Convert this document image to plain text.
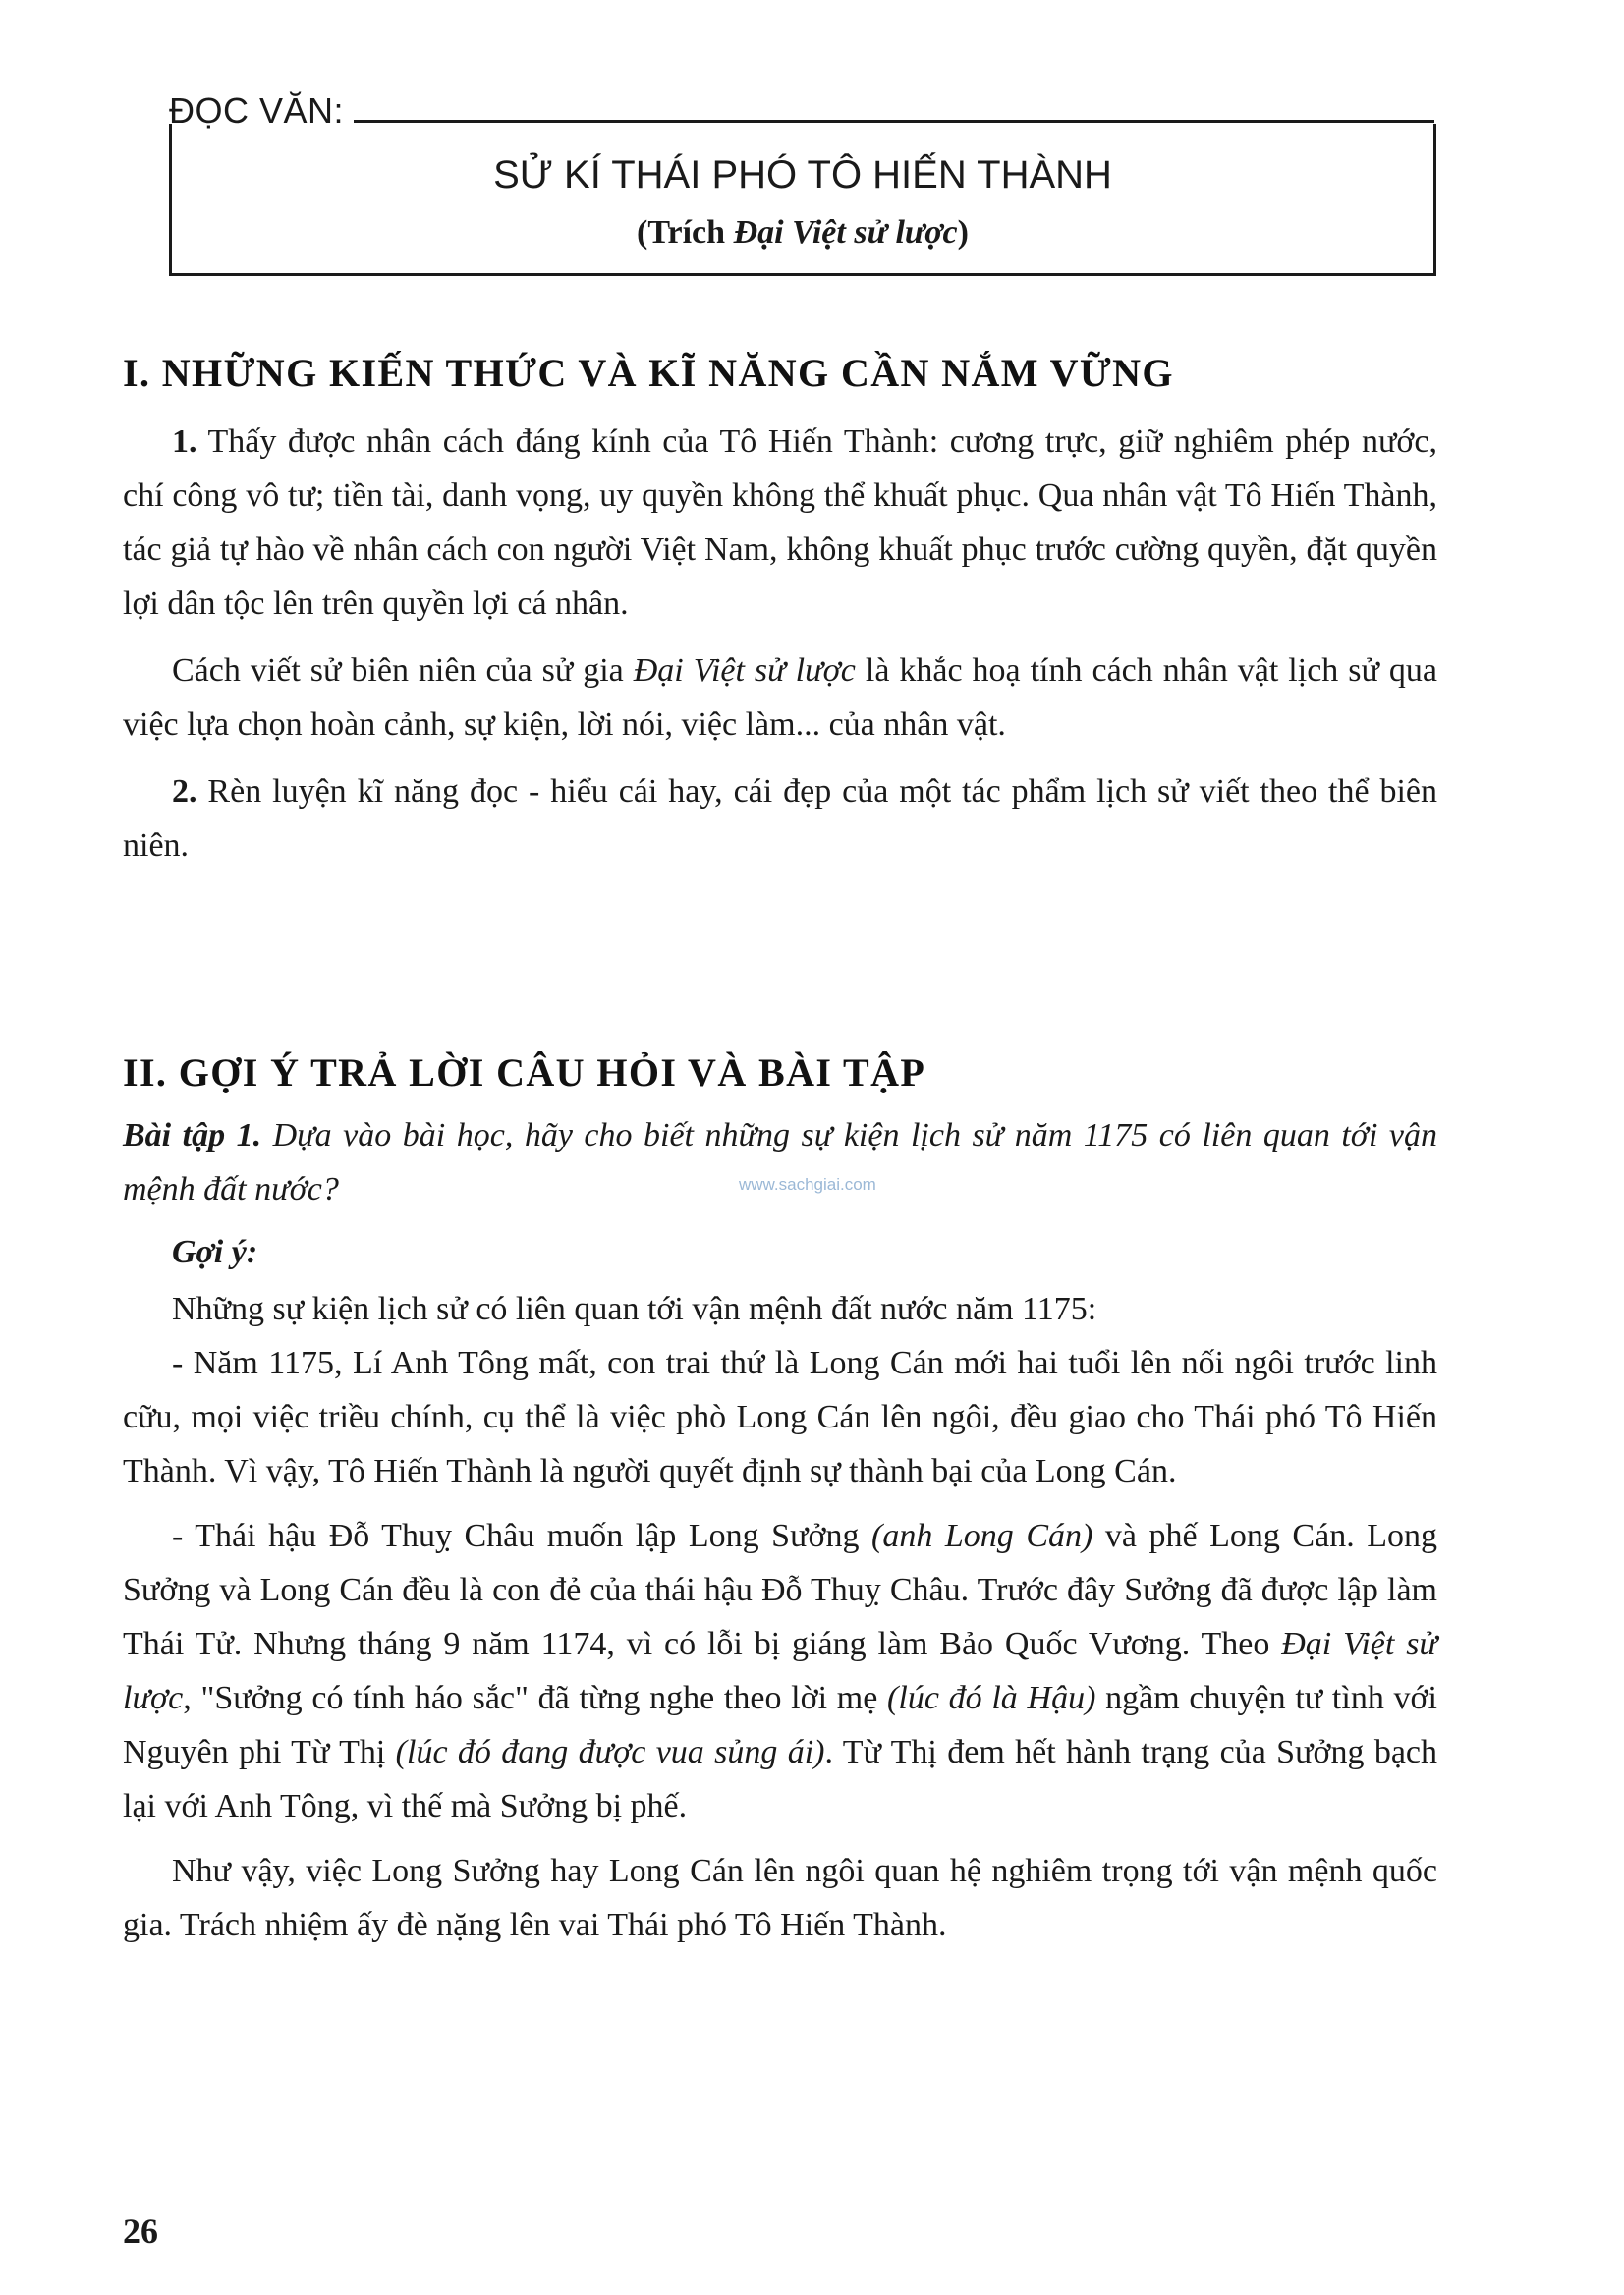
ĐỌC VĂN:
SỬ KÍ THÁI PHÓ TÔ HIẾN THÀNH
(Trích Đại Việt sử lược)
I. NHỮNG KIẾN THỨC VÀ KĨ NĂNG CẦN NẮM VỮNG

1. Thấy được nhân cách đáng kính của Tô Hiến Thành: cương trực, giữ nghiêm phép nước, chí công vô tư; tiền tài, danh vọng, uy quyền không thể khuất phục. Qua nhân vật Tô Hiến Thành, tác giả tự hào về nhân cách con người Việt Nam, không khuất phục trước cường quyền, đặt quyền lợi dân tộc lên trên quyền lợi cá nhân.

Cách viết sử biên niên của sử gia Đại Việt sử lược là khắc hoạ tính cách nhân vật lịch sử qua việc lựa chọn hoàn cảnh, sự kiện, lời nói, việc làm... của nhân vật.

2. Rèn luyện kĩ năng đọc - hiểu cái hay, cái đẹp của một tác phẩm lịch sử viết theo thể biên niên.

II. GỢI Ý TRẢ LỜI CÂU HỎI VÀ BÀI TẬP

Bài tập 1. Dựa vào bài học, hãy cho biết những sự kiện lịch sử năm 1175 có liên quan tới vận mệnh đất nước?

Gợi ý:

Những sự kiện lịch sử có liên quan tới vận mệnh đất nước năm 1175:

- Năm 1175, Lí Anh Tông mất, con trai thứ là Long Cán mới hai tuổi lên nối ngôi trước linh cữu, mọi việc triều chính, cụ thể là việc phò Long Cán lên ngôi, đều giao cho Thái phó Tô Hiến Thành. Vì vậy, Tô Hiến Thành là người quyết định sự thành bại của Long Cán.

- Thái hậu Đỗ Thuỵ Châu muốn lập Long Sưởng (anh Long Cán) và phế Long Cán. Long Sưởng và Long Cán đều là con đẻ của thái hậu Đỗ Thuỵ Châu. Trước đây Sưởng đã được lập làm Thái Tử. Nhưng tháng 9 năm 1174, vì có lỗi bị giáng làm Bảo Quốc Vương. Theo Đại Việt sử lược, "Sưởng có tính háo sắc" đã từng nghe theo lời mẹ (lúc đó là Hậu) ngầm chuyện tư tình với Nguyên phi Từ Thị (lúc đó đang được vua sủng ái). Từ Thị đem hết hành trạng của Sưởng bạch lại với Anh Tông, vì thế mà Sưởng bị phế.

Như vậy, việc Long Sưởng hay Long Cán lên ngôi quan hệ nghiêm trọng tới vận mệnh quốc gia. Trách nhiệm ấy đè nặng lên vai Thái phó Tô Hiến Thành.

www.sachgiai.com
26
